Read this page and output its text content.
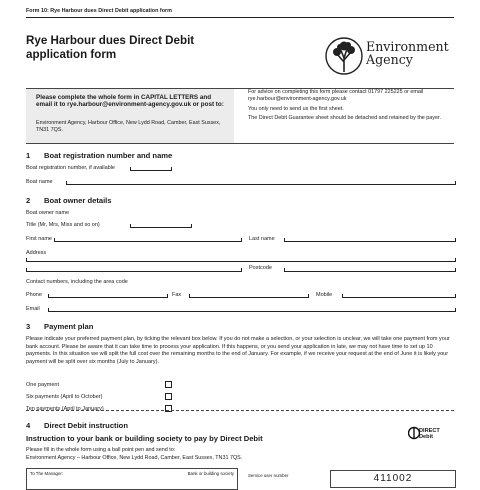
Form 10: Rye Harbour dues Direct Debit application form
Rye Harbour dues Direct Debit application form
Environment
Agency
Please complete the whole form in CAPITAL LETTERS and email it to rye.harbour@environment-agency.gov.uk or post to:
Environment Agency, Harbour Office, New Lydd Road, Camber, East Sussex, TN31 7QS.

For advice on completing this form please contact 01797 225225 or email rye.harbour@environment-agency.gov.uk

You only need to send us the first sheet.

The Direct Debit Guarantee sheet should be detached and retained by the payer.

1 Boat registration number and name
Boat registration number, if available
Boat name
2 Boat owner details
Boat owner name
Title (Mr, Mrs, Miss and so on)
First name	Last name
Address
Postcode
Contact numbers, including the area code
Phone	Fax	Mobile
Email
3 Payment plan
Please indicate your preferred payment plan, by ticking the relevant box below. If you do not make a selection, or your selection is unclear, we will take one payment from your bank account. Please be aware that it can take time to process your application. If this happens, or you send your application in late, we may not have time to set up 10 payments. In this situation we will split the full cost over the remaining months to the end of January. For example, if we receive your request at the end of June it is likely your payment will be split over six months (July to January).
One payment
Six payments (April to October)
Ten payments (April to January)
4 Direct Debit instruction
DIRECT
Debit
Instruction to your bank or building society to pay by Direct Debit
Please fill in the whole form using a ball point pen and send to:
Environment Agency – Harbour Office, New Lydd Road, Camber, East Sussex, TN31 7QS.
To The Manager:	Bank or building society	Service user number	411002
